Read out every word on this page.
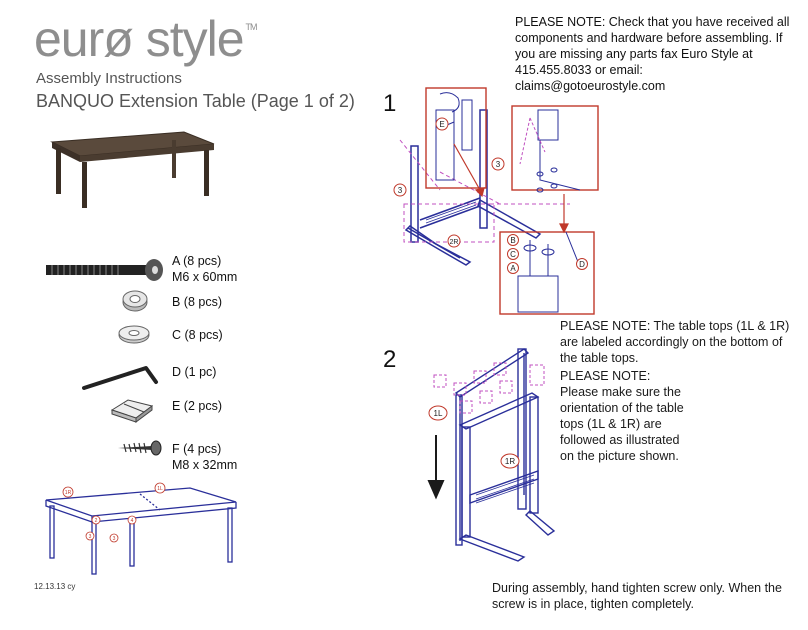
eurø style ™
Assembly Instructions
BANQUO Extension Table (Page 1 of 2)
PLEASE NOTE: Check that you have received all components and hardware before assembling. If you are missing any parts fax Euro Style at 415.455.8033 or email: claims@gotoeurostyle.com
A (8 pcs)
M6 x 60mm
B (8 pcs)
C (8 pcs)
D (1 pc)
E (2 pcs)
F (4 pcs)
M8 x 32mm
1R
1L
2	4
3	3
12.13.13 cy
1
E
3
3
2R	B
C
A	D
2
PLEASE NOTE: The table tops (1L & 1R) are labeled accordingly on the bottom of the table tops.
PLEASE NOTE: Please make sure the orientation of the table tops (1L & 1R) are followed as illustrated on the picture shown.
1L
1R
During assembly, hand tighten screw only. When the screw is in place, tighten completely.
